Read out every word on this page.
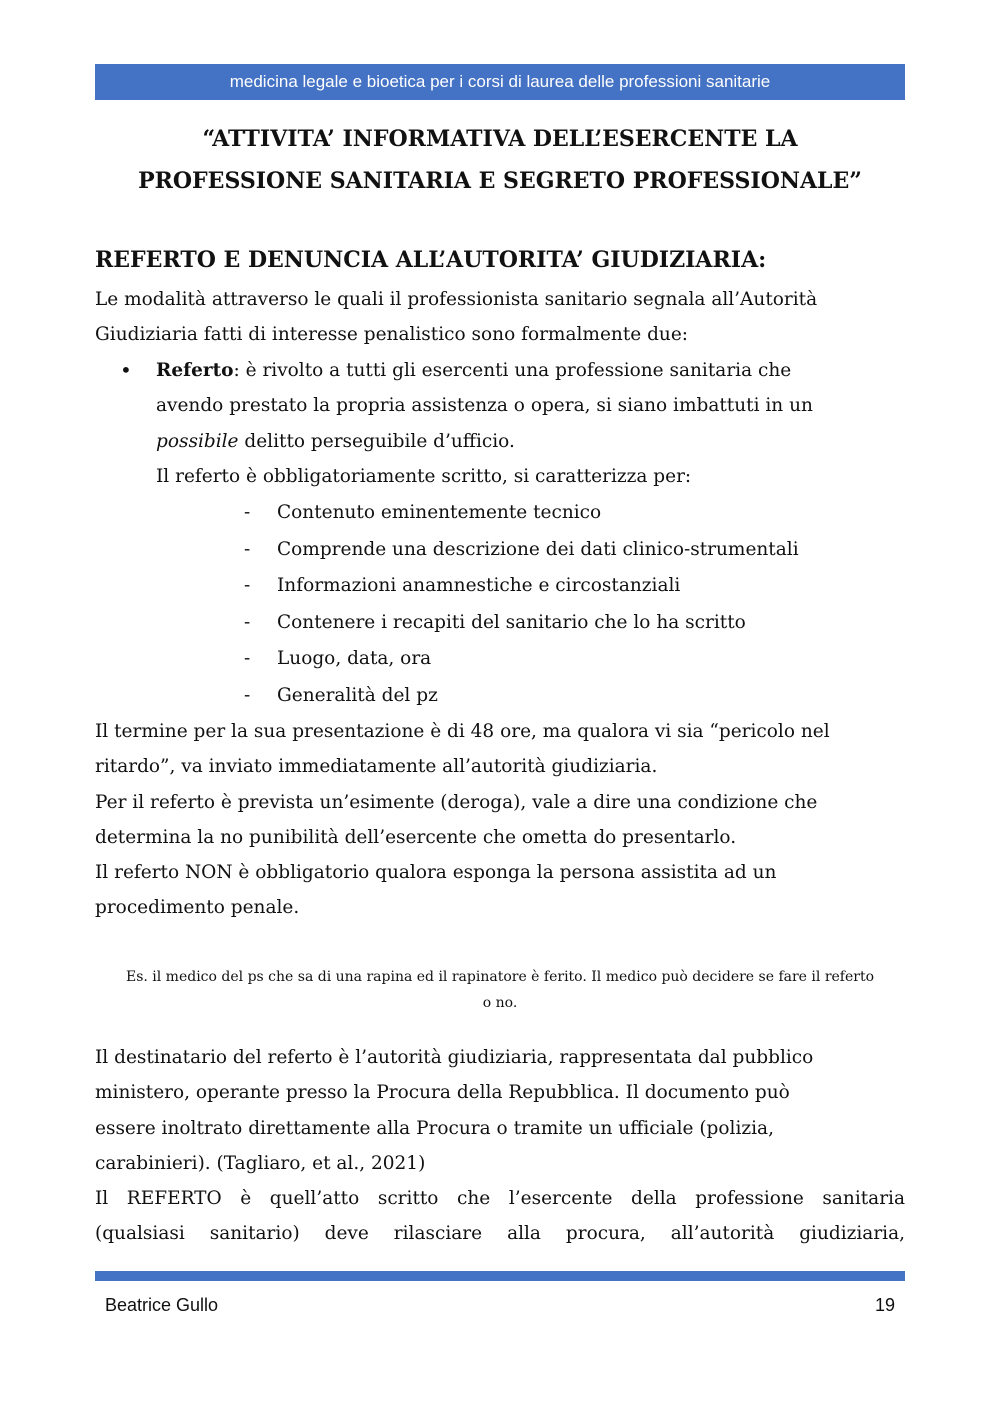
medicina legale e bioetica per i corsi di laurea delle professioni sanitarie
“ATTIVITA’ INFORMATIVA DELL’ESERCENTE LA
PROFESSIONE SANITARIA E SEGRETO PROFESSIONALE”
REFERTO E DENUNCIA ALL’AUTORITA’ GIUDIZIARIA:

Le modalità attraverso le quali il professionista sanitario segnala all’Autorità

Giudiziaria fatti di interesse penalistico sono formalmente due:

• Referto: è rivolto a tutti gli esercenti una professione sanitaria che

avendo prestato la propria assistenza o opera, si siano imbattuti in un

possibile delitto perseguibile d’ufficio.

Il referto è obbligatoriamente scritto, si caratterizza per:

-	Contenuto eminentemente tecnico
-	Comprende una descrizione dei dati clinico-strumentali
-	Informazioni anamnestiche e circostanziali
-	Contenere i recapiti del sanitario che lo ha scritto
-	Luogo, data, ora
-	Generalità del pz

Il termine per la sua presentazione è di 48 ore, ma qualora vi sia “pericolo nel

ritardo”, va inviato immediatamente all’autorità giudiziaria.

Per il referto è prevista un’esimente (deroga), vale a dire una condizione che

determina la no punibilità dell’esercente che ometta do presentarlo.

Il referto NON è obbligatorio qualora esponga la persona assistita ad un

procedimento penale.

Es. il medico del ps che sa di una rapina ed il rapinatore è ferito. Il medico può decidere se fare il referto
o no.

Il destinatario del referto è l’autorità giudiziaria, rappresentata dal pubblico

ministero, operante presso la Procura della Repubblica. Il documento può

essere inoltrato direttamente alla Procura o tramite un ufficiale (polizia,

carabinieri). (Tagliaro, et al., 2021)

Il REFERTO è quell’atto scritto che l’esercente della professione sanitaria

(qualsiasi sanitario) deve rilasciare alla procura, all’autorità giudiziaria,

Beatrice Gullo	19
